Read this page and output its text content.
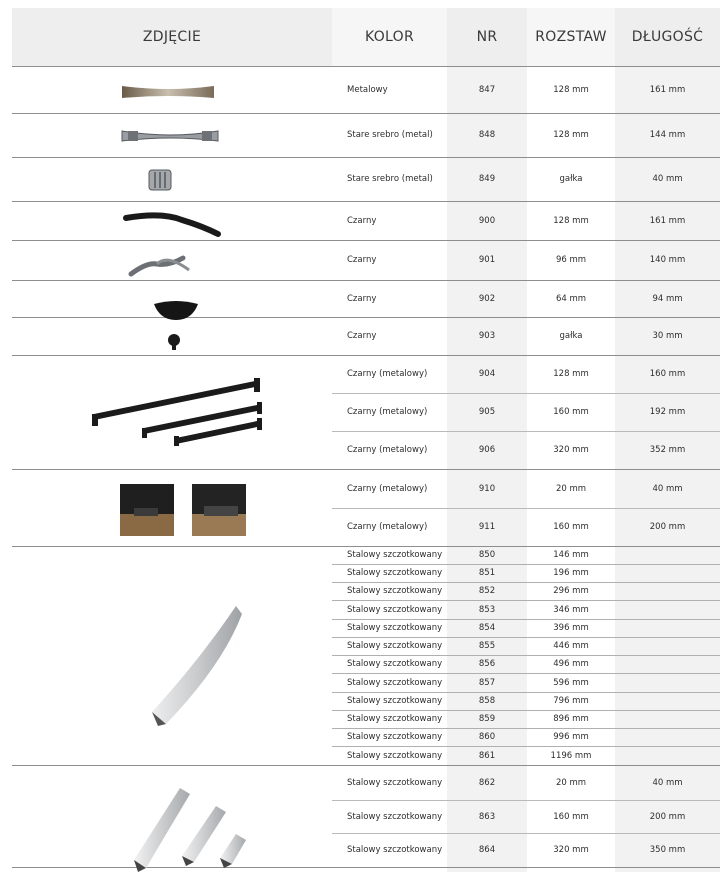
ZDJĘCIE	KOLOR	NR	ROZSTAW	DŁUGOŚĆ
Metalowy	847	128 mm	161 mm
Stare srebro (metal)	848	128 mm	144 mm
Stare srebro (metal)	849	gałka	40 mm
Czarny	900	128 mm	161 mm
Czarny	901	96 mm	140 mm
Czarny	902	64 mm	94 mm
Czarny	903	gałka	30 mm
Czarny (metalowy)	904	128 mm	160 mm
Czarny (metalowy)	905	160 mm	192 mm
Czarny (metalowy)	906	320 mm	352 mm
Czarny (metalowy)	910	20 mm	40 mm
Czarny (metalowy)	911	160 mm	200 mm
Stalowy szczotkowany	850	146 mm
Stalowy szczotkowany	851	196 mm
Stalowy szczotkowany	852	296 mm
Stalowy szczotkowany	853	346 mm
Stalowy szczotkowany	854	396 mm
Stalowy szczotkowany	855	446 mm
Stalowy szczotkowany	856	496 mm
Stalowy szczotkowany	857	596 mm
Stalowy szczotkowany	858	796 mm
Stalowy szczotkowany	859	896 mm
Stalowy szczotkowany	860	996 mm
Stalowy szczotkowany	861	1196 mm
Stalowy szczotkowany	862	20 mm	40 mm
Stalowy szczotkowany	863	160 mm	200 mm
Stalowy szczotkowany	864	320 mm	350 mm
